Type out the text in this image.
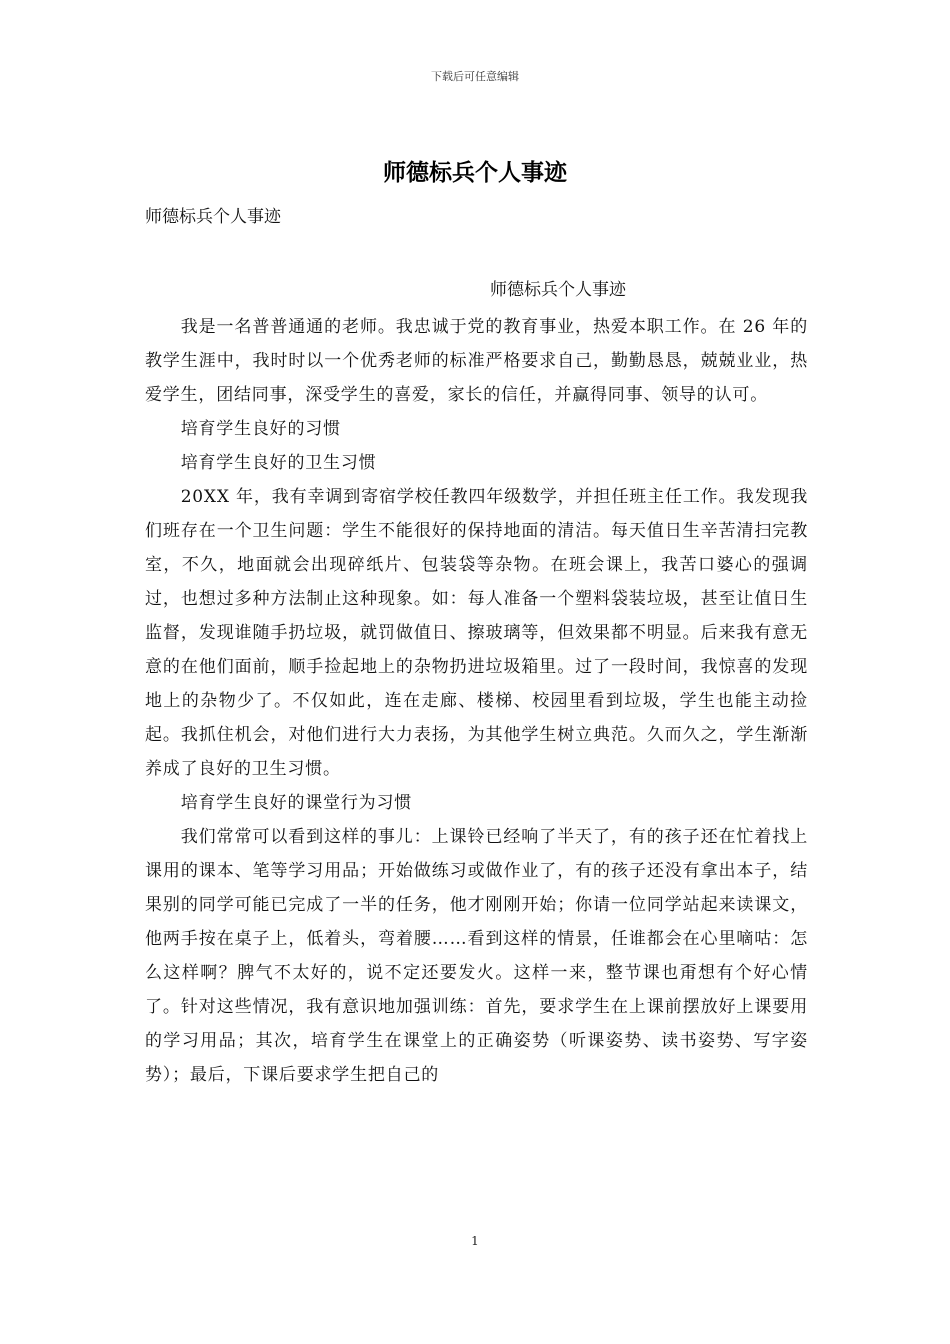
下载后可任意编辑
师德标兵个人事迹
师德标兵个人事迹
师德标兵个人事迹

我是一名普普通通的老师。我忠诚于党的教育事业，热爱本职工作。在 26 年的教学生涯中，我时时以一个优秀老师的标准严格要求自己，勤勤恳恳，兢兢业业，热爱学生，团结同事，深受学生的喜爱，家长的信任，并赢得同事、领导的认可。

培育学生良好的习惯

培育学生良好的卫生习惯

20XX 年，我有幸调到寄宿学校任教四年级数学，并担任班主任工作。我发现我们班存在一个卫生问题：学生不能很好的保持地面的清洁。每天值日生辛苦清扫完教室，不久，地面就会出现碎纸片、包装袋等杂物。在班会课上，我苦口婆心的强调过，也想过多种方法制止这种现象。如：每人准备一个塑料袋装垃圾，甚至让值日生监督，发现谁随手扔垃圾，就罚做值日、擦玻璃等，但效果都不明显。后来我有意无意的在他们面前，顺手捡起地上的杂物扔进垃圾箱里。过了一段时间，我惊喜的发现地上的杂物少了。不仅如此，连在走廊、楼梯、校园里看到垃圾，学生也能主动捡起。我抓住机会，对他们进行大力表扬，为其他学生树立典范。久而久之，学生渐渐养成了良好的卫生习惯。

培育学生良好的课堂行为习惯

我们常常可以看到这样的事儿：上课铃已经响了半天了，有的孩子还在忙着找上课用的课本、笔等学习用品；开始做练习或做作业了，有的孩子还没有拿出本子，结果别的同学可能已完成了一半的任务，他才刚刚开始；你请一位同学站起来读课文，他两手按在桌子上，低着头，弯着腰……看到这样的情景，任谁都会在心里嘀咕：怎么这样啊？脾气不太好的，说不定还要发火。这样一来，整节课也甭想有个好心情了。针对这些情况，我有意识地加强训练：首先，要求学生在上课前摆放好上课要用的学习用品；其次，培育学生在课堂上的正确姿势（听课姿势、读书姿势、写字姿势）；最后，下课后要求学生把自己的

1
